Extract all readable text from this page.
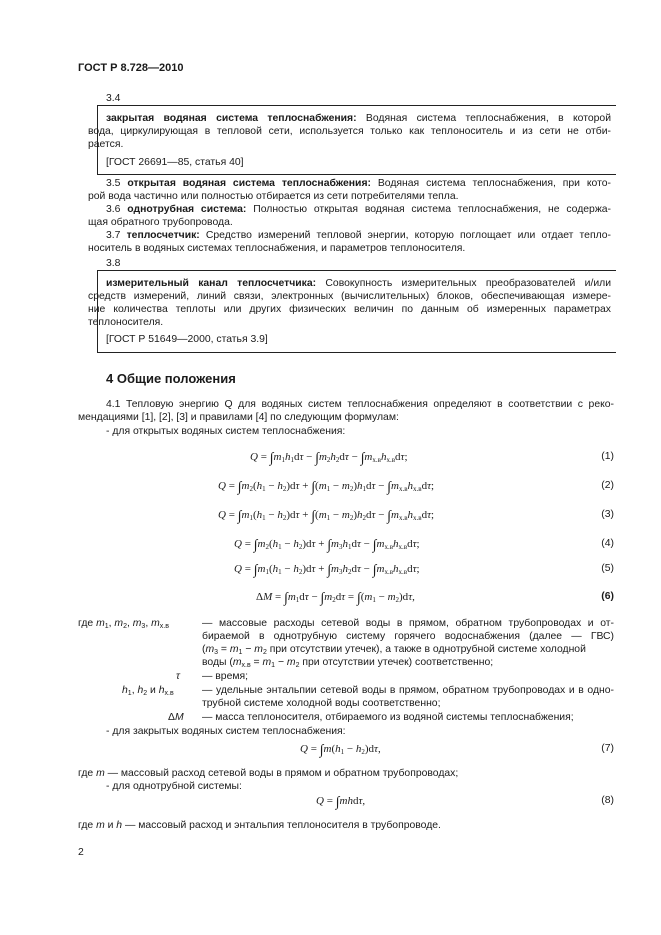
ГОСТ Р 8.728—2010
3.4
закрытая водяная система теплоснабжения: Водяная система теплоснабжения, в которой
вода, циркулирующая в тепловой сети, используется только как теплоноситель и из сети не отби-
рается.
[ГОСТ 26691—85, статья 40]
3.5 открытая водяная система теплоснабжения: Водяная система теплоснабжения, при кото-
рой вода частично или полностью отбирается из сети потребителями тепла.
3.6 однотрубная система: Полностью открытая водяная система теплоснабжения, не содержа-
щая обратного трубопровода.
3.7 теплосчетчик: Средство измерений тепловой энергии, которую поглощает или отдает тепло-
носитель в водяных системах теплоснабжения, и параметров теплоносителя.
3.8
измерительный канал теплосчетчика: Совокупность измерительных преобразователей и/или
средств измерений, линий связи, электронных (вычислительных) блоков, обеспечивающая измере-
ние количества теплоты или других физических величин по данным об измеренных параметрах
теплоносителя.
[ГОСТ Р 51649—2000, статья 3.9]
4 Общие положения
4.1 Тепловую энергию Q для водяных систем теплоснабжения определяют в соответствии с реко-
мендациями [1], [2], [3] и правилами [4] по следующим формулам:
- для открытых водяных систем теплоснабжения:
$Q = \int m_1h_1d\tau - \int m_2h_2d\tau - \int m_{х.в}h_{х.в}d\tau$;	(1)
$Q = \int m_2(h_1 - h_2)d\tau + \int(m_1 - m_2)h_1d\tau - \int m_{х.в}h_{х.в}d\tau$;	(2)
$Q = \int m_1(h_1 - h_2)d\tau + \int(m_1 - m_2)h_2d\tau - \int m_{х.в}h_{х.в}d\tau$;	(3)
$Q = \int m_2(h_1 - h_2)d\tau + \int m_3h_1d\tau - \int m_{х.в}h_{х.в}d\tau$;	(4)
$Q = \int m_1(h_1 - h_2)d\tau + \int m_3h_2d\tau - \int m_{х.в}h_{х.в}d\tau$;	(5)
$\Delta M = \int m_1d\tau - \int m_2d\tau = \int(m_1 - m_2)d\tau$,	(6)
где $m_1$, $m_2$, $m_3$, $m_{х.в}$	— массовые расходы сетевой воды в прямом, обратном трубопроводах и от-
бираемой в однотрубную систему горячего водоснабжения (далее — ГВС)
($m_3 = m_1 - m_2$ при отсутствии утечек), а также в однотрубной системе холодной
воды ($m_{х.в} = m_1 - m_2$ при отсутствии утечек) соответственно;
τ — время;
$h_1$, $h_2$ и $h_{х.в}$	— удельные энтальпии сетевой воды в прямом, обратном трубопроводах и в одно-
трубной системе холодной воды соответственно;
ΔM — масса теплоносителя, отбираемого из водяной системы теплоснабжения;
- для закрытых водяных систем теплоснабжения:
$Q = \int m(h_1 - h_2)d\tau$,	(7)
где m — массовый расход сетевой воды в прямом и обратном трубопроводах;
- для однотрубной системы:
Q = ∫mhdτ,	(8)
где m и h — массовый расход и энтальпия теплоносителя в трубопроводе.
2
